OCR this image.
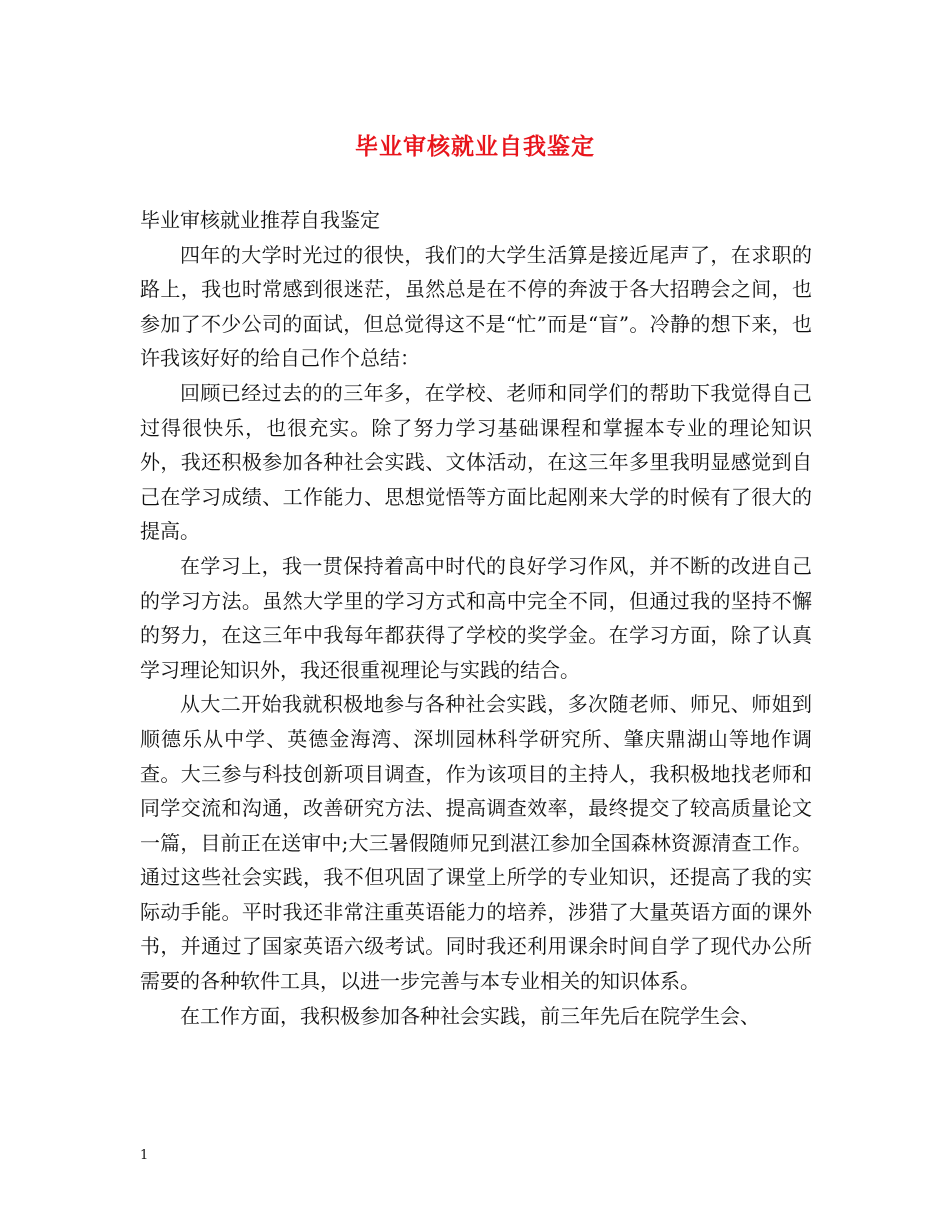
毕业审核就业自我鉴定

毕业审核就业推荐自我鉴定

四年的大学时光过的很快，我们的大学生活算是接近尾声了，在求职的路上，我也时常感到很迷茫，虽然总是在不停的奔波于各大招聘会之间，也参加了不少公司的面试，但总觉得这不是“忙”而是“盲”。冷静的想下来，也许我该好好的给自己作个总结：

回顾已经过去的的三年多，在学校、老师和同学们的帮助下我觉得自己过得很快乐，也很充实。除了努力学习基础课程和掌握本专业的理论知识外，我还积极参加各种社会实践、文体活动，在这三年多里我明显感觉到自己在学习成绩、工作能力、思想觉悟等方面比起刚来大学的时候有了很大的提高。

在学习上，我一贯保持着高中时代的良好学习作风，并不断的改进自己的学习方法。虽然大学里的学习方式和高中完全不同，但通过我的坚持不懈的努力，在这三年中我每年都获得了学校的奖学金。在学习方面，除了认真学习理论知识外，我还很重视理论与实践的结合。

从大二开始我就积极地参与各种社会实践，多次随老师、师兄、师姐到顺德乐从中学、英德金海湾、深圳园林科学研究所、肇庆鼎湖山等地作调查。大三参与科技创新项目调查，作为该项目的主持人，我积极地找老师和同学交流和沟通，改善研究方法、提高调查效率，最终提交了较高质量论文一篇，目前正在送审中;大三暑假随师兄到湛江参加全国森林资源清查工作。通过这些社会实践，我不但巩固了课堂上所学的专业知识，还提高了我的实际动手能。平时我还非常注重英语能力的培养，涉猎了大量英语方面的课外书，并通过了国家英语六级考试。同时我还利用课余时间自学了现代办公所需要的各种软件工具，以进一步完善与本专业相关的知识体系。

在工作方面，我积极参加各种社会实践，前三年先后在院学生会、

1
